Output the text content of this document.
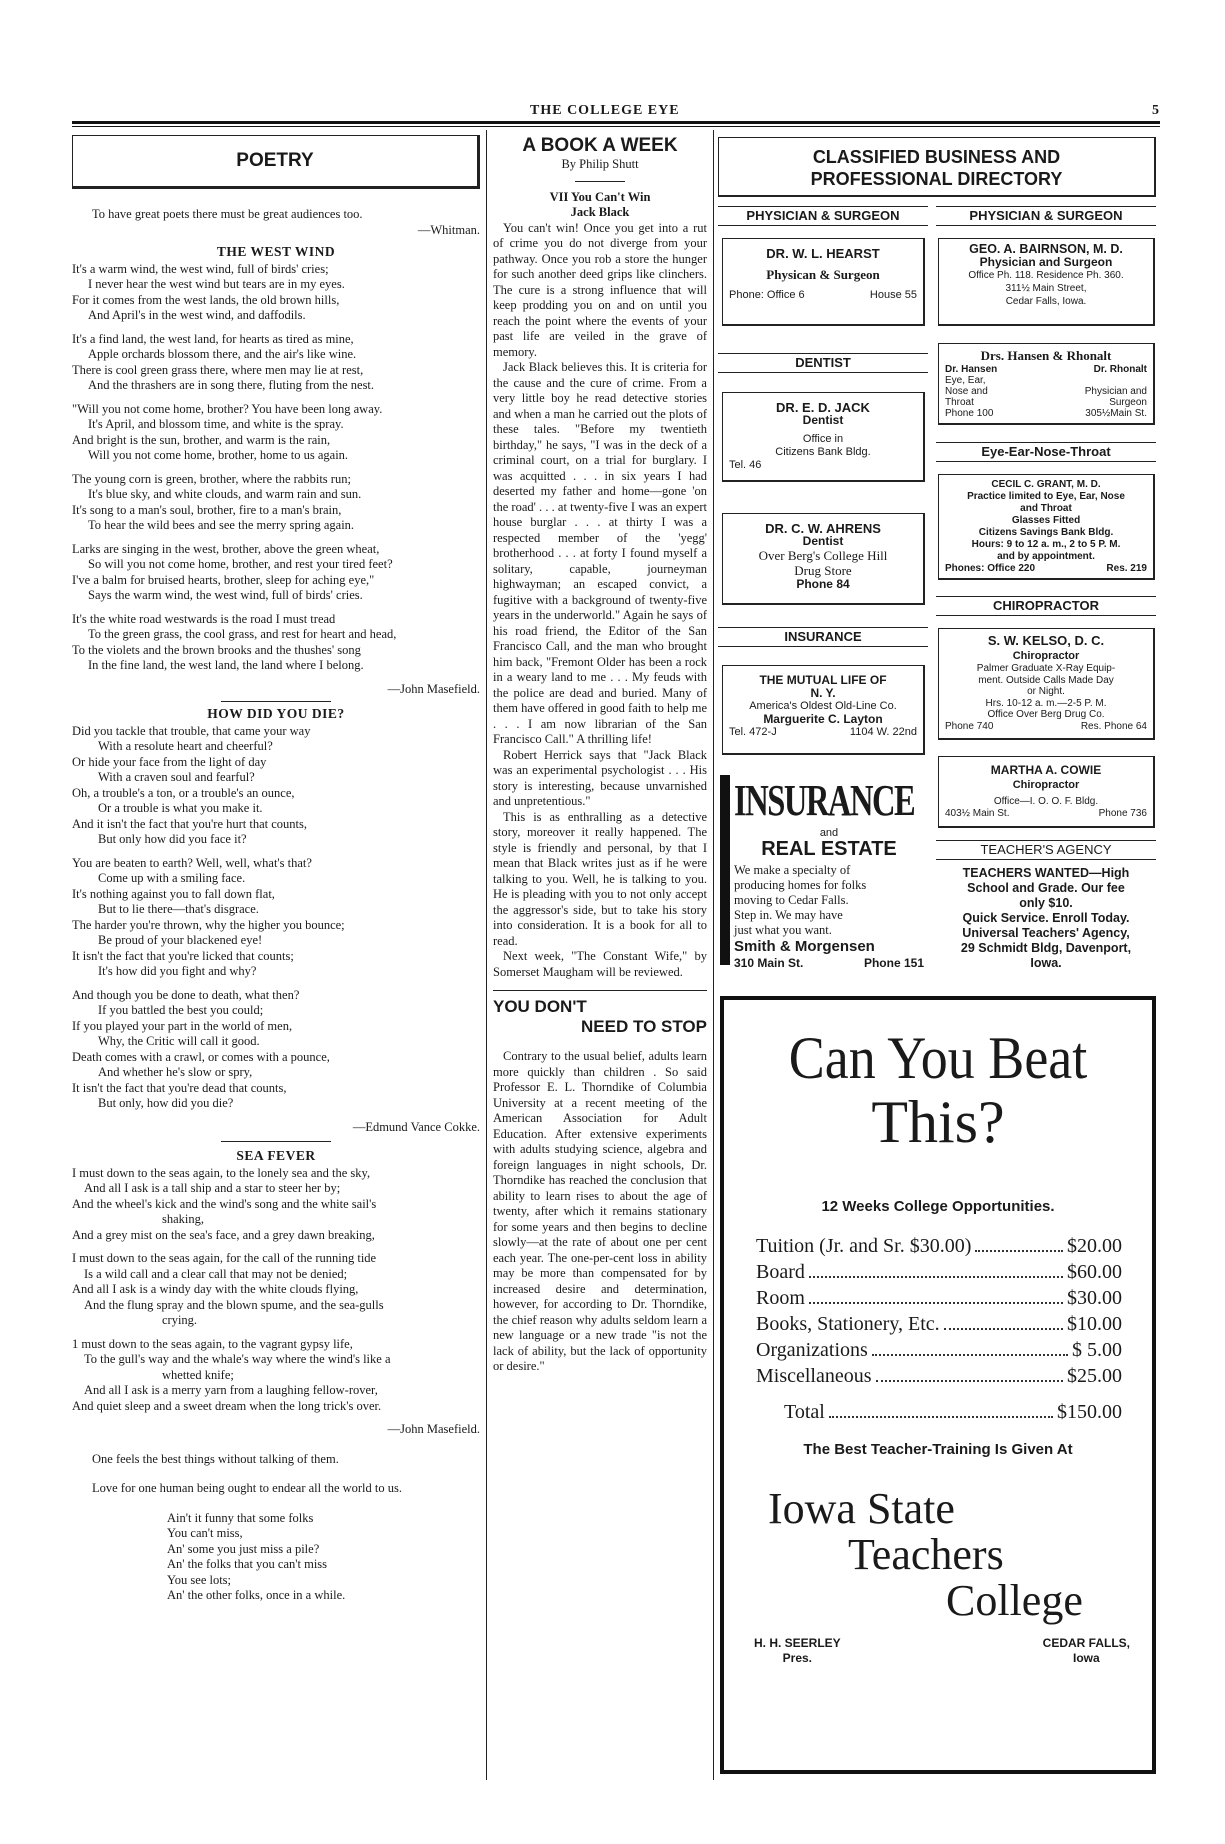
THE COLLEGE EYE	5
POETRY

To have great poets there must be great audiences too.

—Whitman.

THE WEST WIND

It's a warm wind, the west wind, full of birds' cries;

I never hear the west wind but tears are in my eyes.

For it comes from the west lands, the old brown hills,

And April's in the west wind, and daffodils.

It's a find land, the west land, for hearts as tired as mine,

Apple orchards blossom there, and the air's like wine.

There is cool green grass there, where men may lie at rest,

And the thrashers are in song there, fluting from the nest.

"Will you not come home, brother? You have been long away.

It's April, and blossom time, and white is the spray.

And bright is the sun, brother, and warm is the rain,

Will you not come home, brother, home to us again.

The young corn is green, brother, where the rabbits run;

It's blue sky, and white clouds, and warm rain and sun.

It's song to a man's soul, brother, fire to a man's brain,

To hear the wild bees and see the merry spring again.

Larks are singing in the west, brother, above the green wheat,

So will you not come home, brother, and rest your tired feet?

I've a balm for bruised hearts, brother, sleep for aching eye,"

Says the warm wind, the west wind, full of birds' cries.

It's the white road westwards is the road I must tread

To the green grass, the cool grass, and rest for heart and head,

To the violets and the brown brooks and the thushes' song

In the fine land, the west land, the land where I belong.

—John Masefield.

HOW DID YOU DIE?

Did you tackle that trouble, that came your way

With a resolute heart and cheerful?

Or hide your face from the light of day

With a craven soul and fearful?

Oh, a trouble's a ton, or a trouble's an ounce,

Or a trouble is what you make it.

And it isn't the fact that you're hurt that counts,

But only how did you face it?

You are beaten to earth? Well, well, what's that?

Come up with a smiling face.

It's nothing against you to fall down flat,

But to lie there—that's disgrace.

The harder you're thrown, why the higher you bounce;

Be proud of your blackened eye!

It isn't the fact that you're licked that counts;

It's how did you fight and why?

And though you be done to death, what then?

If you battled the best you could;

If you played your part in the world of men,

Why, the Critic will call it good.

Death comes with a crawl, or comes with a pounce,

And whether he's slow or spry,

It isn't the fact that you're dead that counts,

But only, how did you die?

—Edmund Vance Cokke.

SEA FEVER

I must down to the seas again, to the lonely sea and the sky,

And all I ask is a tall ship and a star to steer her by;

And the wheel's kick and the wind's song and the white sail's

shaking,

And a grey mist on the sea's face, and a grey dawn breaking,

I must down to the seas again, for the call of the running tide

Is a wild call and a clear call that may not be denied;

And all I ask is a windy day with the white clouds flying,

And the flung spray and the blown spume, and the sea-gulls

crying.

1 must down to the seas again, to the vagrant gypsy life,

To the gull's way and the whale's way where the wind's like a

whetted knife;

And all I ask is a merry yarn from a laughing fellow-rover,

And quiet sleep and a sweet dream when the long trick's over.

—John Masefield.

One feels the best things without talking of them.

Love for one human being ought to endear all the world to us.

Ain't it funny that some folks

You can't miss,

An' some you just miss a pile?

An' the folks that you can't miss

You see lots;

An' the other folks, once in a while.

A BOOK A WEEK
By Philip Shutt
VII You Can't Win
Jack Black

You can't win! Once you get into a rut of crime you do not diverge from your pathway. Once you rob a store the hunger for such another deed grips like clinchers. The cure is a strong influence that will keep prodding you on and on until you reach the point where the events of your past life are veiled in the grave of memory.

Jack Black believes this. It is criteria for the cause and the cure of crime. From a very little boy he read detective stories and when a man he carried out the plots of these tales. "Before my twentieth birthday," he says, "I was in the deck of a criminal court, on a trial for burglary. I was acquitted . . . in six years I had deserted my father and home—gone 'on the road' . . . at twenty-five I was an expert house burglar . . . at thirty I was a respected member of the 'yegg' brotherhood . . . at forty I found myself a solitary, capable, journeyman highwayman; an escaped convict, a fugitive with a background of twenty-five years in the underworld." Again he says of his road friend, the Editor of the San Francisco Call, and the man who brought him back, "Fremont Older has been a rock in a weary land to me . . . My feuds with the police are dead and buried. Many of them have offered in good faith to help me . . . I am now librarian of the San Francisco Call." A thrilling life!

Robert Herrick says that "Jack Black was an experimental psychologist . . . His story is interesting, because unvarnished and unpretentious."

This is as enthralling as a detective story, moreover it really happened. The style is friendly and personal, by that I mean that Black writes just as if he were talking to you. Well, he is talking to you. He is pleading with you to not only accept the aggressor's side, but to take his story into consideration. It is a book for all to read.

Next week, "The Constant Wife," by Somerset Maugham will be reviewed.

YOU DON'T
NEED TO STOP

Contrary to the usual belief, adults learn more quickly than children . So said Professor E. L. Thorndike of Columbia University at a recent meeting of the American Association for Adult Education. After extensive experiments with adults studying science, algebra and foreign languages in night schools, Dr. Thorndike has reached the conclusion that ability to learn rises to about the age of twenty, after which it remains stationary for some years and then begins to decline slowly—at the rate of about one per cent each year. The one-per-cent loss in ability may be more than compensated for by increased desire and determination, however, for according to Dr. Thorndike, the chief reason why adults seldom learn a new language or a new trade "is not the lack of ability, but the lack of opportunity or desire."

CLASSIFIED BUSINESS AND
PROFESSIONAL DIRECTORY
PHYSICIAN & SURGEON
DR. W. L. HEARST
Physican & Surgeon
Phone: Office 6	House 55
DENTIST
DR. E. D. JACK
Dentist
Office in
Citizens Bank Bldg.
Tel. 46
DR. C. W. AHRENS
Dentist
Over Berg's College Hill
Drug Store
Phone 84
INSURANCE
THE MUTUAL LIFE OF
N. Y.
America's Oldest Old-Line Co.
Marguerite C. Layton
Tel. 472-J	1104 W. 22nd
INSURANCE
and
REAL ESTATE
We make a specialty of
producing homes for folks
moving to Cedar Falls.
Step in. We may have
just what you want.
Smith & Morgensen
310 Main St.	Phone 151
PHYSICIAN & SURGEON
GEO. A. BAIRNSON, M. D.
Physician and Surgeon
Office Ph. 118. Residence Ph. 360.
311½ Main Street,
Cedar Falls, Iowa.
Drs. Hansen & Rhonalt
Dr. Hansen	Dr. Rhonalt
Eye, Ear,
Nose and	Physician and
Throat	Surgeon
Phone 100	305½Main St.
Eye-Ear-Nose-Throat
CECIL C. GRANT, M. D.
Practice limited to Eye, Ear, Nose
and Throat
Glasses Fitted
Citizens Savings Bank Bldg.
Hours: 9 to 12 a. m., 2 to 5 P. M.
and by appointment.
Phones: Office 220	Res. 219
CHIROPRACTOR
S. W. KELSO, D. C.
Chiropractor
Palmer Graduate X-Ray Equip-
ment. Outside Calls Made Day
or Night.
Hrs. 10-12 a. m.—2-5 P. M.
Office Over Berg Drug Co.
Phone 740	Res. Phone 64
MARTHA A. COWIE
Chiropractor
Office—I. O. O. F. Bldg.
403½ Main St.	Phone 736
TEACHER'S AGENCY
TEACHERS WANTED—High
School and Grade. Our fee
only $10.
Quick Service. Enroll Today.
Universal Teachers' Agency,
29 Schmidt Bldg, Davenport,
Iowa.
Can You Beat
This?
12 Weeks College Opportunities.
Tuition (Jr. and Sr. $30.00)	$20.00
Board	$60.00
Room	$30.00
Books, Stationery, Etc.	$10.00
Organizations	$ 5.00
Miscellaneous	$25.00
Total	$150.00
The Best Teacher-Training Is Given At
Iowa State
Teachers
College
H. H. SEERLEY
Pres.
CEDAR FALLS,
Iowa
